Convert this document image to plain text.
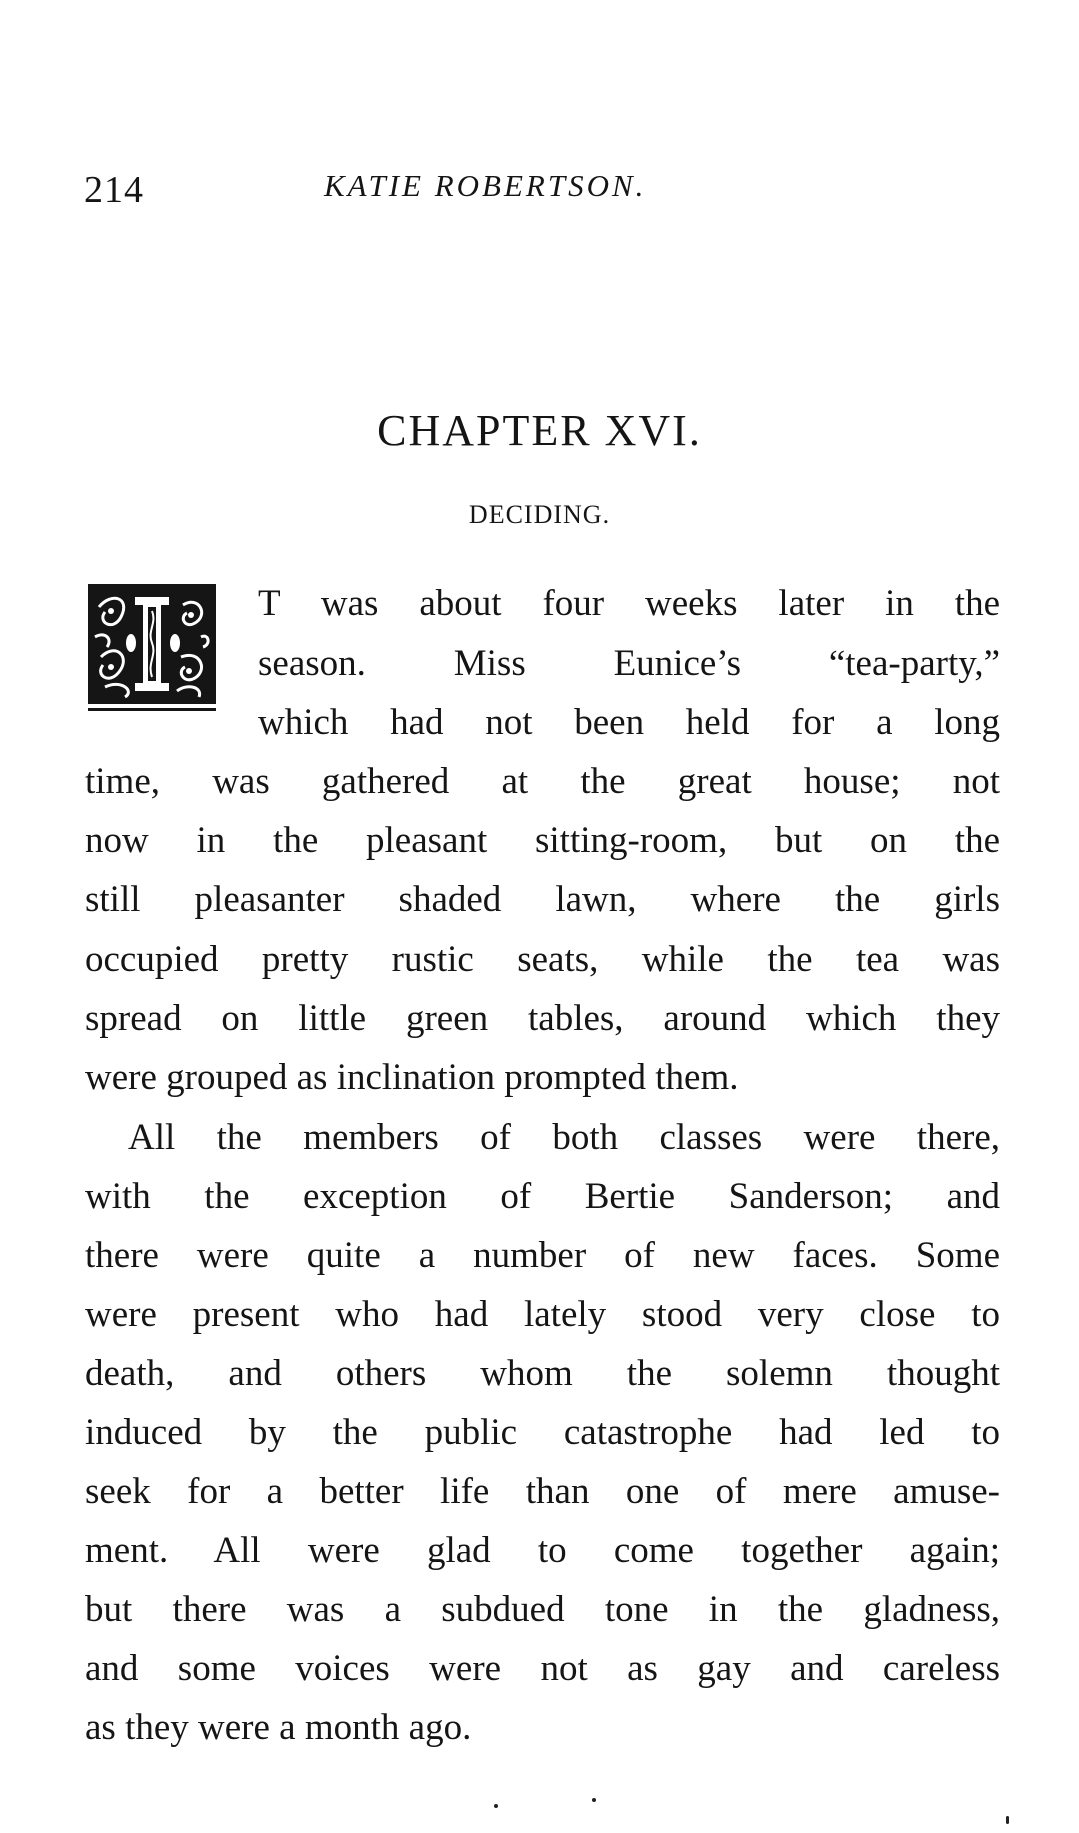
214	KATIE ROBERTSON.
CHAPTER XVI.
DECIDING.
T was about four weeks later in the
season. Miss Eunice’s “tea-party,”
which had not been held for a long
time, was gathered at the great house; not
now in the pleasant sitting-room, but on the
still pleasanter shaded lawn, where the girls
occupied pretty rustic seats, while the tea was
spread on little green tables, around which they
were grouped as inclination prompted them.
All the members of both classes were there,
with the exception of Bertie Sanderson; and
there were quite a number of new faces. Some
were present who had lately stood very close to
death, and others whom the solemn thought
induced by the public catastrophe had led to
seek for a better life than one of mere amuse-
ment. All were glad to come together again;
but there was a subdued tone in the gladness,
and some voices were not as gay and careless
as they were a month ago.
